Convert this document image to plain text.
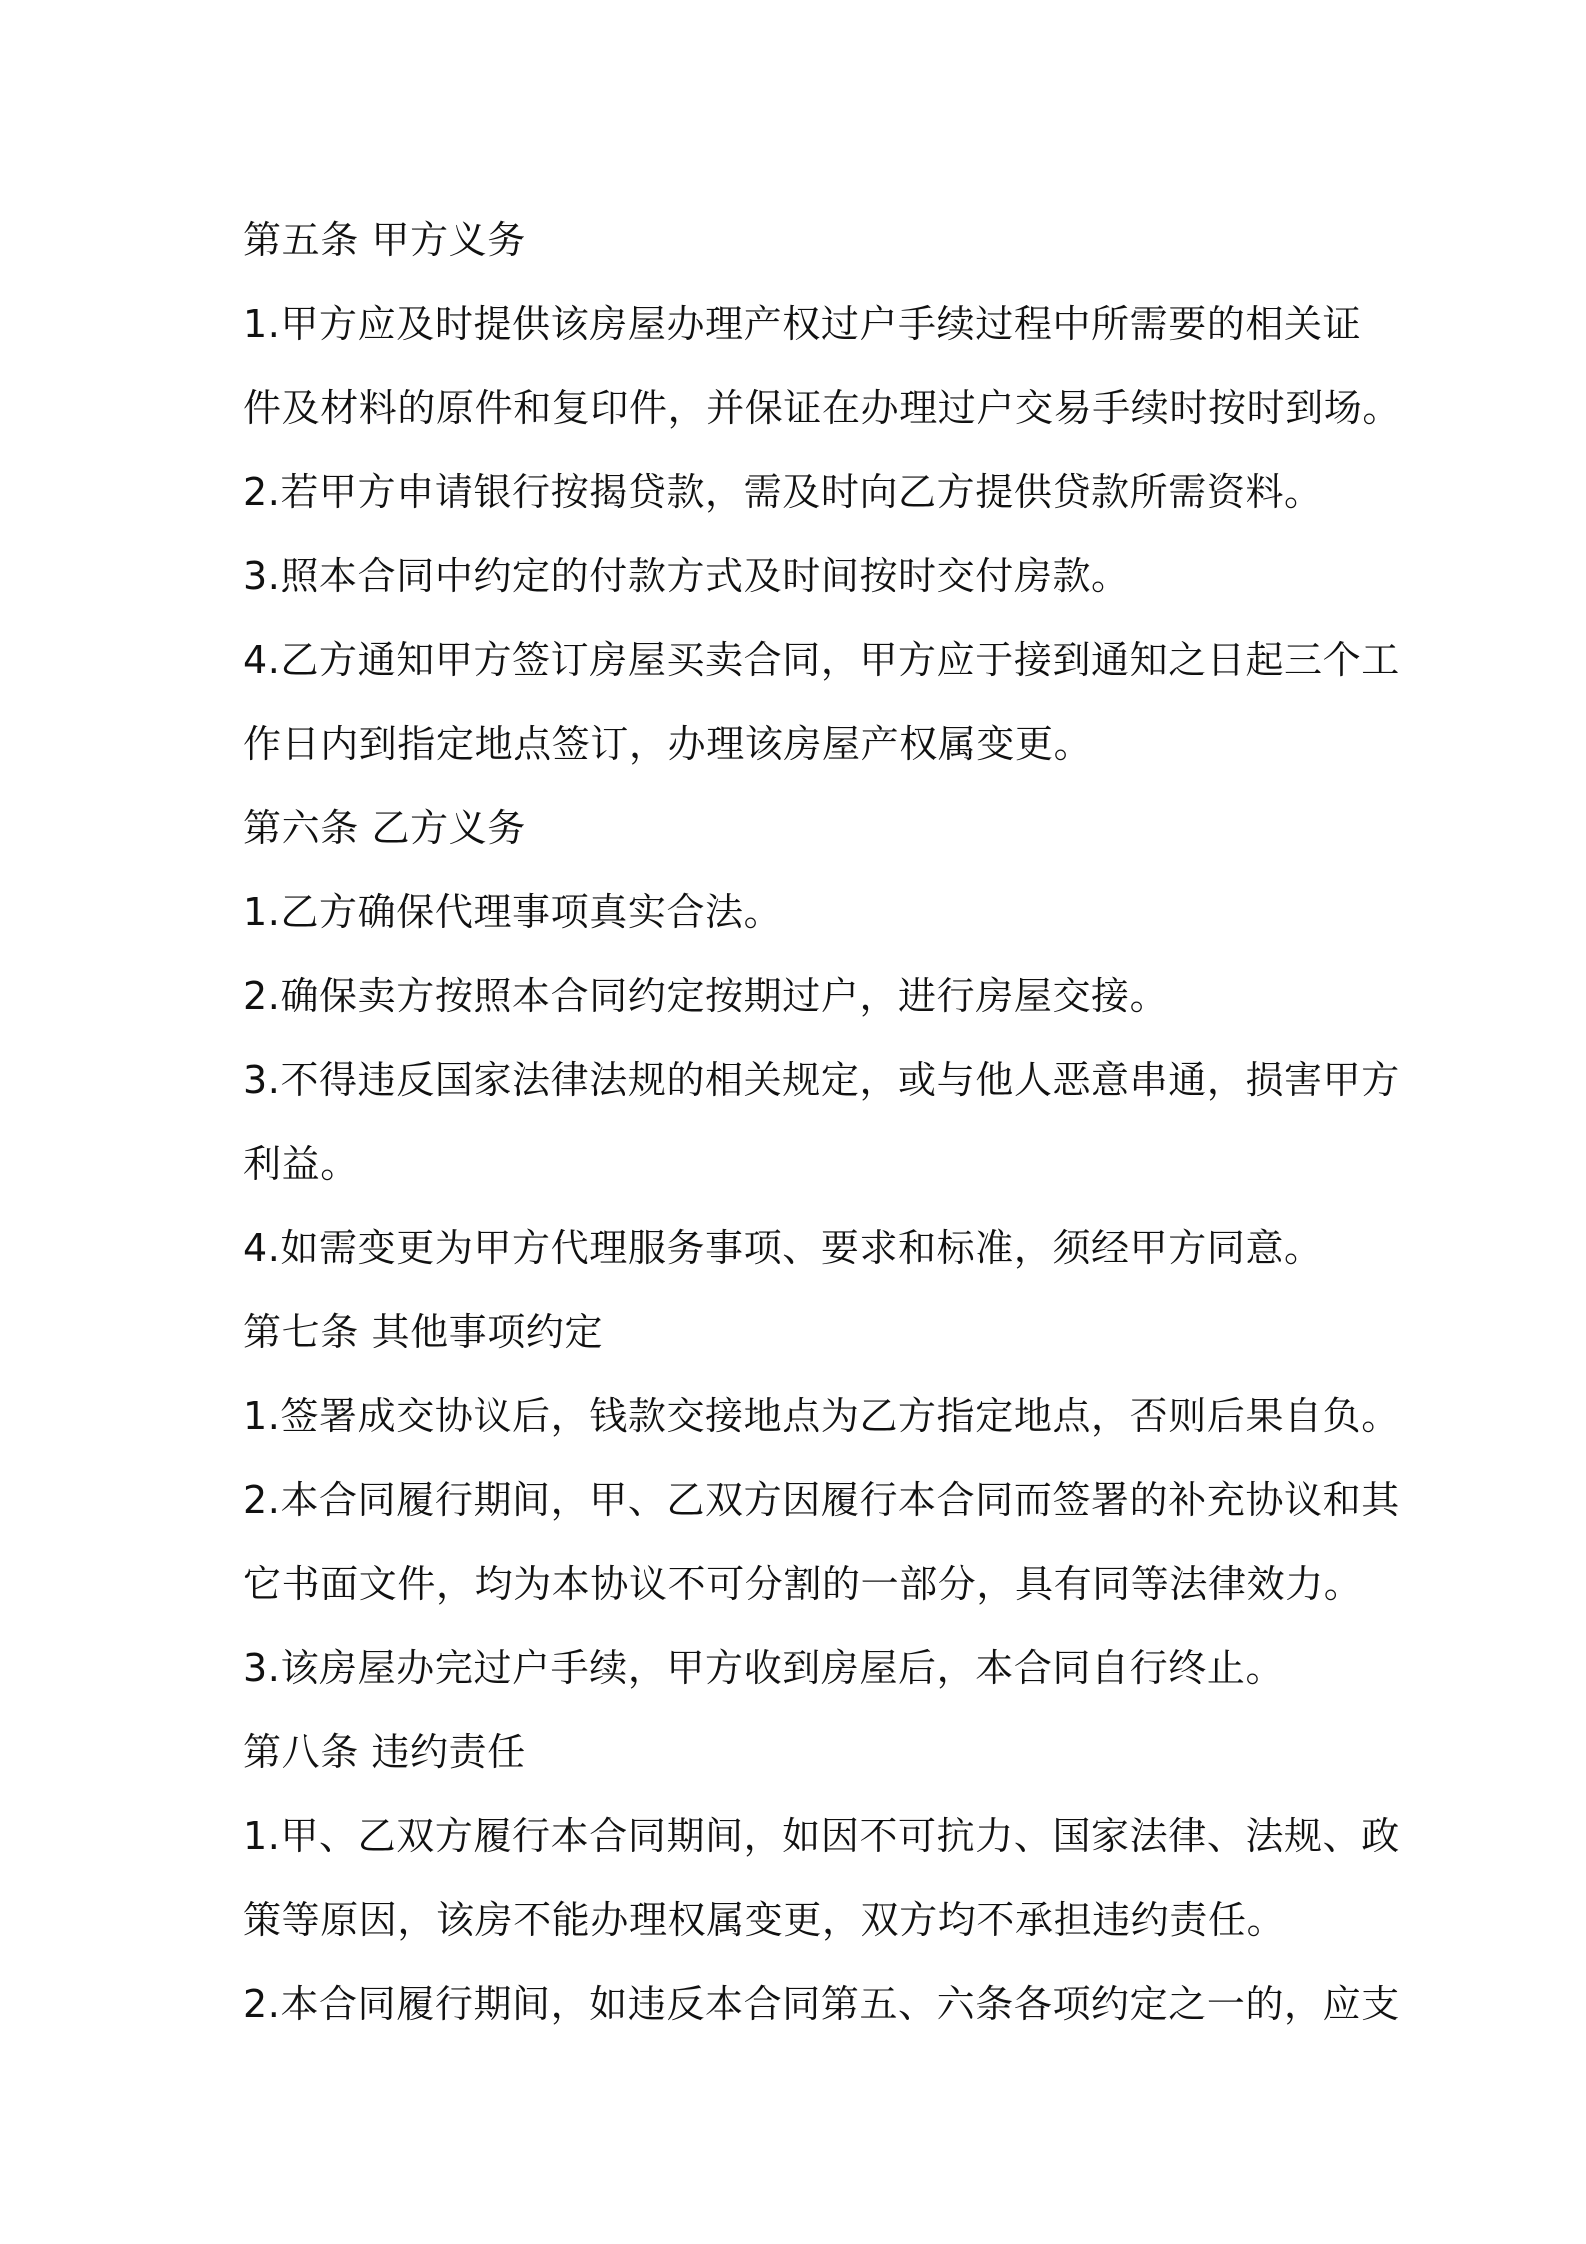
第五条 甲方义务
1.甲方应及时提供该房屋办理产权过户手续过程中所需要的相关证
件及材料的原件和复印件，并保证在办理过户交易手续时按时到场。
2.若甲方申请银行按揭贷款，需及时向乙方提供贷款所需资料。
3.照本合同中约定的付款方式及时间按时交付房款。
4.乙方通知甲方签订房屋买卖合同，甲方应于接到通知之日起三个工
作日内到指定地点签订，办理该房屋产权属变更。
第六条 乙方义务
1.乙方确保代理事项真实合法。
2.确保卖方按照本合同约定按期过户，进行房屋交接。
3.不得违反国家法律法规的相关规定，或与他人恶意串通，损害甲方
利益。
4.如需变更为甲方代理服务事项、要求和标准，须经甲方同意。
第七条 其他事项约定
1.签署成交协议后，钱款交接地点为乙方指定地点，否则后果自负。
2.本合同履行期间，甲、乙双方因履行本合同而签署的补充协议和其
它书面文件，均为本协议不可分割的一部分，具有同等法律效力。
3.该房屋办完过户手续，甲方收到房屋后，本合同自行终止。
第八条 违约责任
1.甲、乙双方履行本合同期间，如因不可抗力、国家法律、法规、政
策等原因，该房不能办理权属变更，双方均不承担违约责任。
2.本合同履行期间，如违反本合同第五、六条各项约定之一的，应支
